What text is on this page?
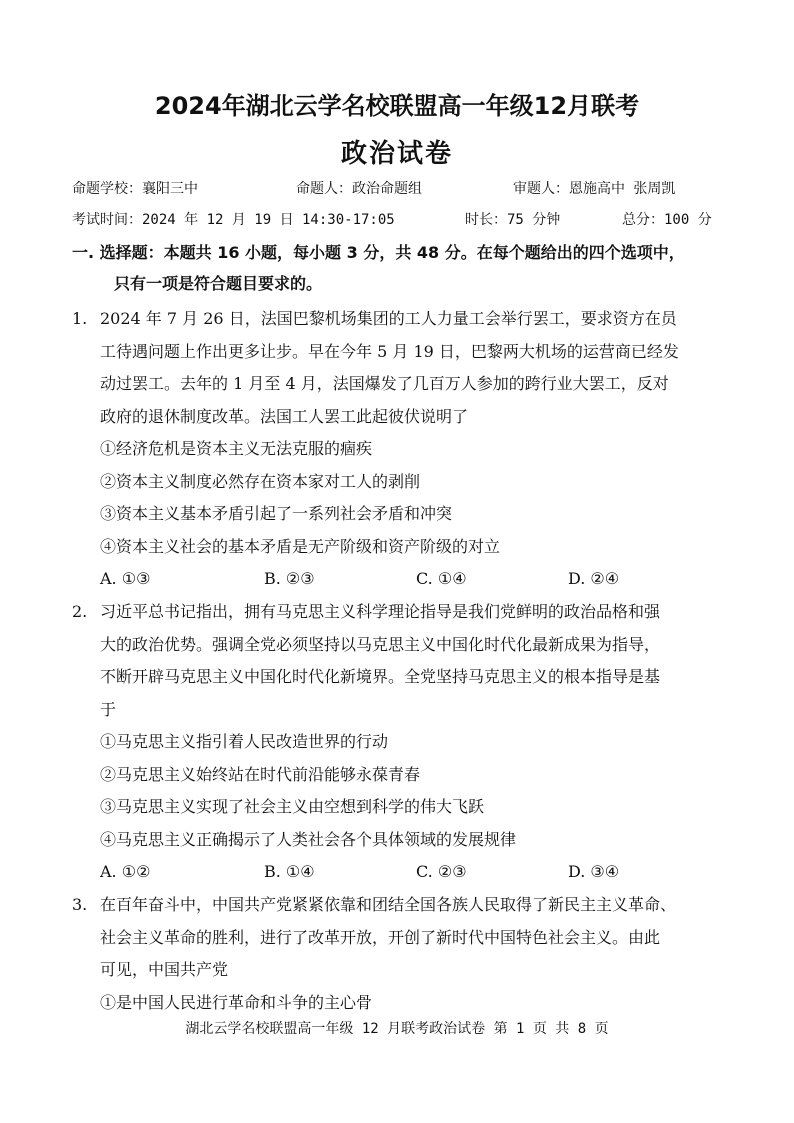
2024年湖北云学名校联盟高一年级12月联考
政治试卷
命题学校：襄阳三中	命题人：政治命题组	审题人：恩施高中 张周凯
考试时间：2024 年 12 月 19 日 14:30-17:05	时长：75 分钟	总分：100 分
一. 选择题：本题共 16 小题，每小题 3 分，共 48 分。在每个题给出的四个选项中，
只有一项是符合题目要求的。
1. 2024 年 7 月 26 日，法国巴黎机场集团的工人力量工会举行罢工，要求资方在员
工待遇问题上作出更多让步。早在今年 5 月 19 日，巴黎两大机场的运营商已经发
动过罢工。去年的 1 月至 4 月，法国爆发了几百万人参加的跨行业大罢工，反对
政府的退休制度改革。法国工人罢工此起彼伏说明了
①经济危机是资本主义无法克服的痼疾
②资本主义制度必然存在资本家对工人的剥削
③资本主义基本矛盾引起了一系列社会矛盾和冲突
④资本主义社会的基本矛盾是无产阶级和资产阶级的对立
A. ①③	B. ②③	C. ①④	D. ②④
2. 习近平总书记指出，拥有马克思主义科学理论指导是我们党鲜明的政治品格和强
大的政治优势。强调全党必须坚持以马克思主义中国化时代化最新成果为指导，
不断开辟马克思主义中国化时代化新境界。全党坚持马克思主义的根本指导是基
于
①马克思主义指引着人民改造世界的行动
②马克思主义始终站在时代前沿能够永葆青春
③马克思主义实现了社会主义由空想到科学的伟大飞跃
④马克思主义正确揭示了人类社会各个具体领域的发展规律
A. ①②	B. ①④	C. ②③	D. ③④
3. 在百年奋斗中，中国共产党紧紧依靠和团结全国各族人民取得了新民主主义革命、
社会主义革命的胜利，进行了改革开放，开创了新时代中国特色社会主义。由此
可见，中国共产党
①是中国人民进行革命和斗争的主心骨
湖北云学名校联盟高一年级 12 月联考政治试卷 第 1 页 共 8 页
